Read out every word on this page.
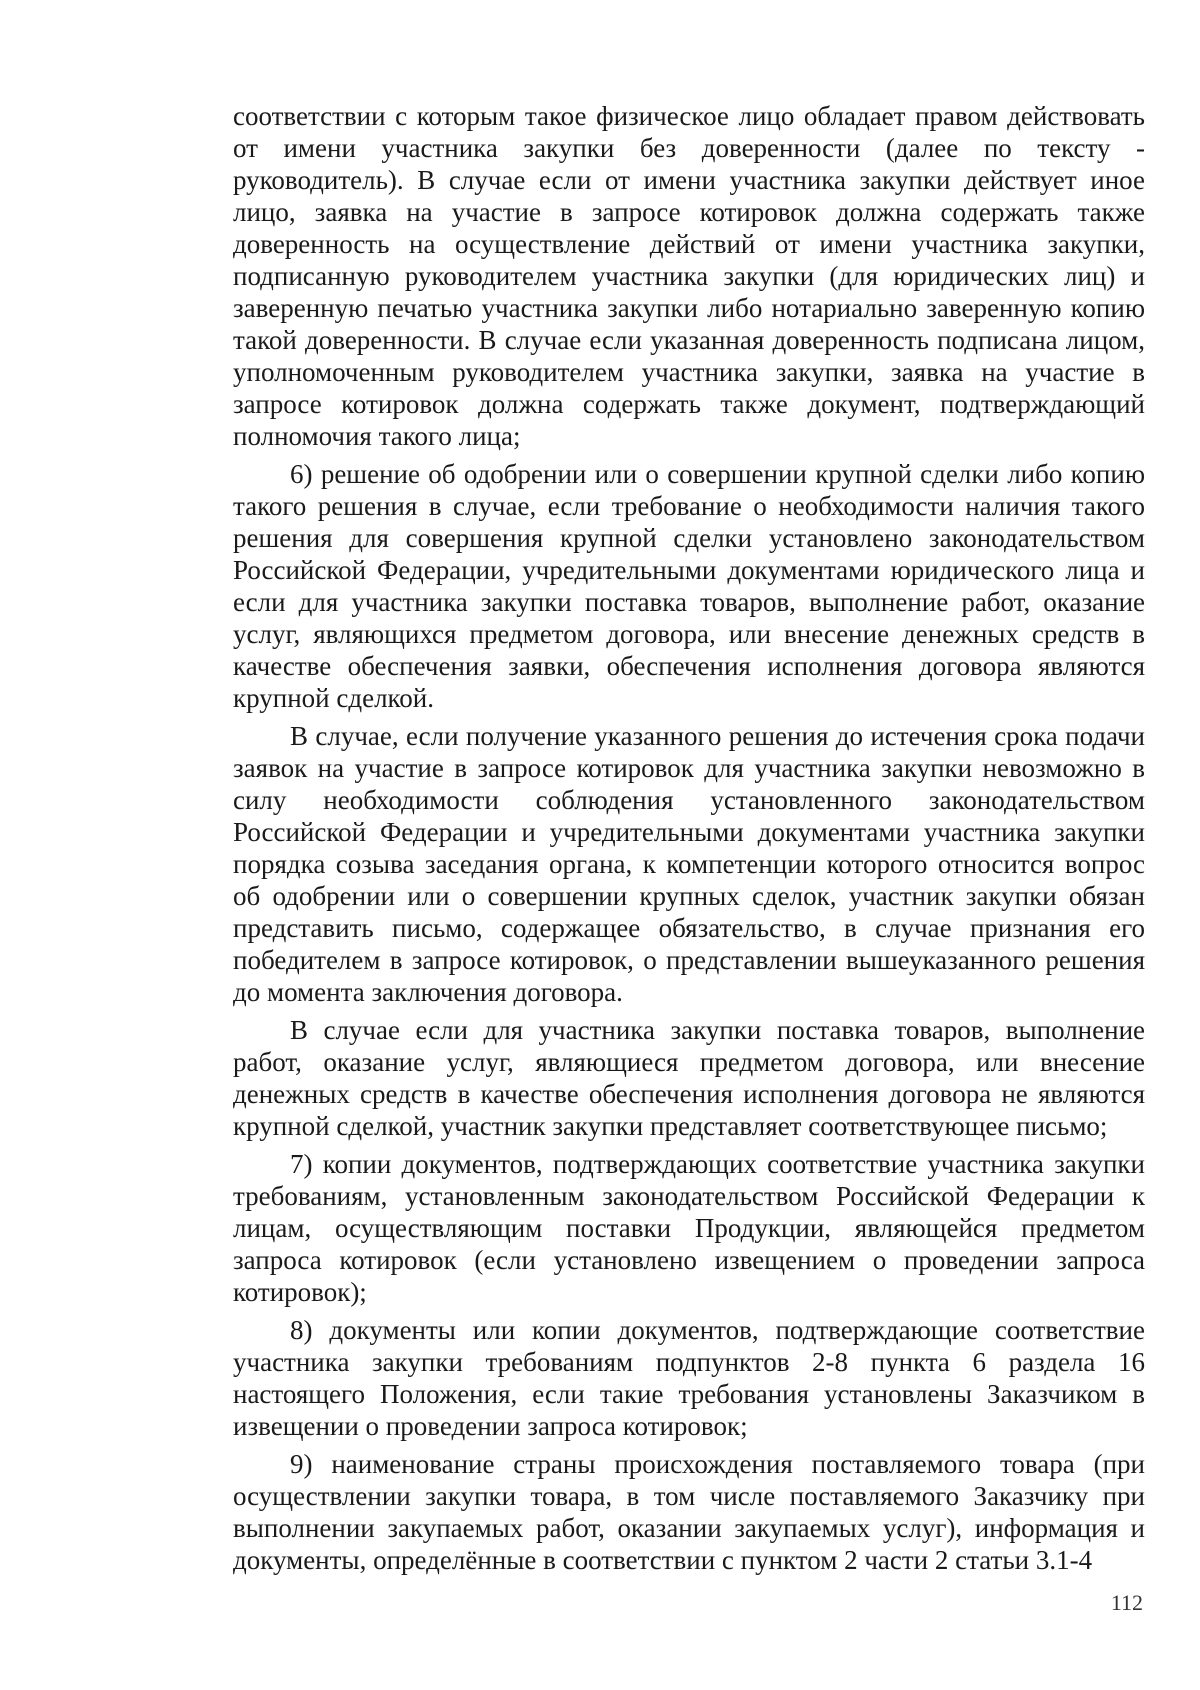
соответствии с которым такое физическое лицо обладает правом действовать от имени участника закупки без доверенности (далее по тексту - руководитель). В случае если от имени участника закупки действует иное лицо, заявка на участие в запросе котировок должна содержать также доверенность на осуществление действий от имени участника закупки, подписанную руководителем участника закупки (для юридических лиц) и заверенную печатью участника закупки либо нотариально заверенную копию такой доверенности. В случае если указанная доверенность подписана лицом, уполномоченным руководителем участника закупки, заявка на участие в запросе котировок должна содержать также документ, подтверждающий полномочия такого лица;

6) решение об одобрении или о совершении крупной сделки либо копию такого решения в случае, если требование о необходимости наличия такого решения для совершения крупной сделки установлено законодательством Российской Федерации, учредительными документами юридического лица и если для участника закупки поставка товаров, выполнение работ, оказание услуг, являющихся предметом договора, или внесение денежных средств в качестве обеспечения заявки, обеспечения исполнения договора являются крупной сделкой.

В случае, если получение указанного решения до истечения срока подачи заявок на участие в запросе котировок для участника закупки невозможно в силу необходимости соблюдения установленного законодательством Российской Федерации и учредительными документами участника закупки порядка созыва заседания органа, к компетенции которого относится вопрос об одобрении или о совершении крупных сделок, участник закупки обязан представить письмо, содержащее обязательство, в случае признания его победителем в запросе котировок, о представлении вышеуказанного решения до момента заключения договора.

В случае если для участника закупки поставка товаров, выполнение работ, оказание услуг, являющиеся предметом договора, или внесение денежных средств в качестве обеспечения исполнения договора не являются крупной сделкой, участник закупки представляет соответствующее письмо;

7) копии документов, подтверждающих соответствие участника закупки требованиям, установленным законодательством Российской Федерации к лицам, осуществляющим поставки Продукции, являющейся предметом запроса котировок (если установлено извещением о проведении запроса котировок);

8) документы или копии документов, подтверждающие соответствие участника закупки требованиям подпунктов 2-8 пункта 6 раздела 16 настоящего Положения, если такие требования установлены Заказчиком в извещении о проведении запроса котировок;

9) наименование страны происхождения поставляемого товара (при осуществлении закупки товара, в том числе поставляемого Заказчику при выполнении закупаемых работ, оказании закупаемых услуг), информация и документы, определённые в соответствии с пунктом 2 части 2 статьи 3.1-4

112
